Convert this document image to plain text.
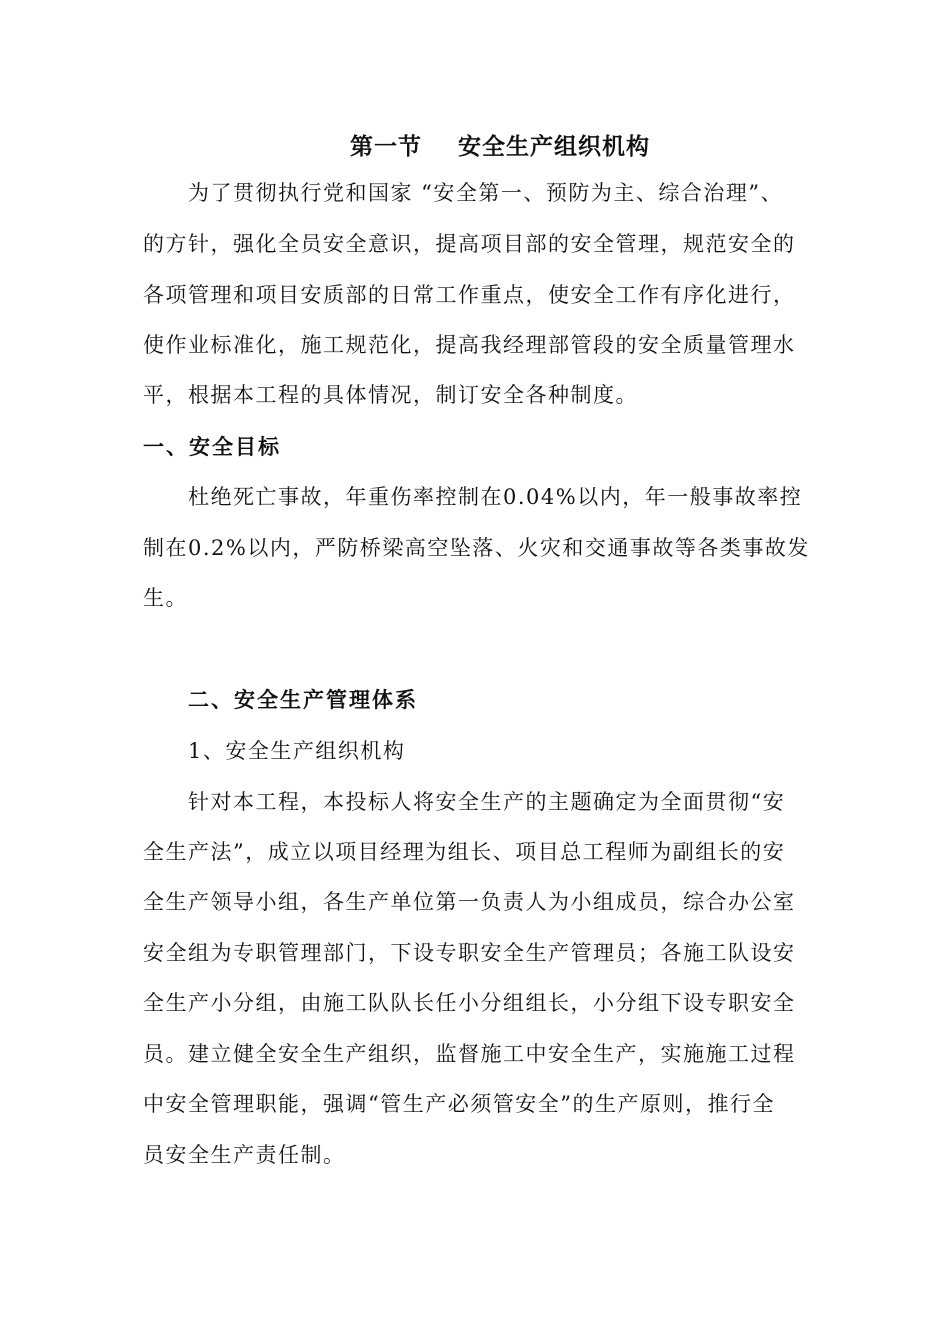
第一节    安全生产组织机构
为了贯彻执行党和国家 “安全第一、预防为主、综合治理”、
的方针，强化全员安全意识，提高项目部的安全管理，规范安全的
各项管理和项目安质部的日常工作重点，使安全工作有序化进行，
使作业标准化，施工规范化，提高我经理部管段的安全质量管理水
平，根据本工程的具体情况，制订安全各种制度。
一、安全目标
杜绝死亡事故，年重伤率控制在0.04%以内，年一般事故率控
制在0.2%以内，严防桥梁高空坠落、火灾和交通事故等各类事故发
生。
二、安全生产管理体系
1、安全生产组织机构
针对本工程，本投标人将安全生产的主题确定为全面贯彻“安
全生产法”，成立以项目经理为组长、项目总工程师为副组长的安
全生产领导小组，各生产单位第一负责人为小组成员，综合办公室
安全组为专职管理部门，下设专职安全生产管理员；各施工队设安
全生产小分组，由施工队队长任小分组组长，小分组下设专职安全
员。建立健全安全生产组织，监督施工中安全生产，实施施工过程
中安全管理职能，强调“管生产必须管安全”的生产原则，推行全
员安全生产责任制。
